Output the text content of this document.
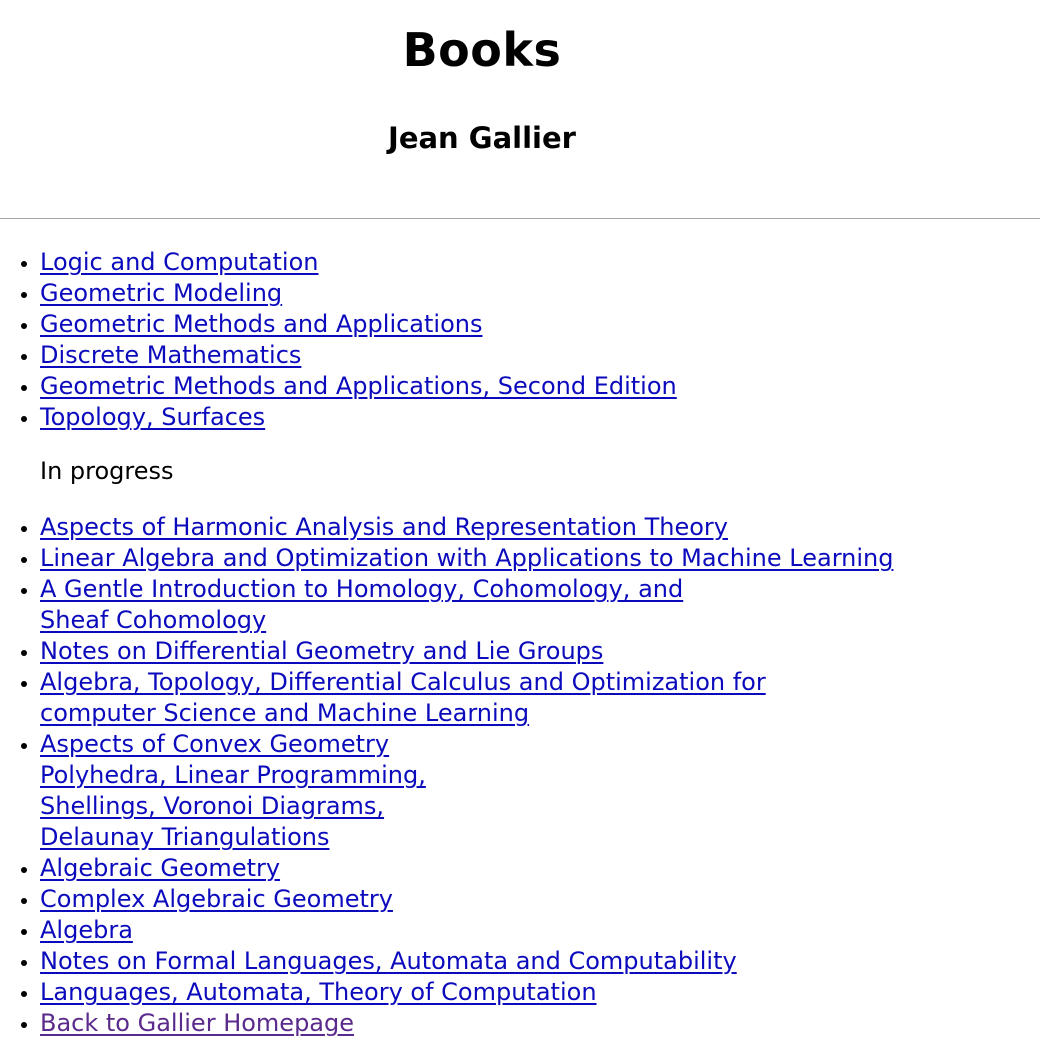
Books
Jean Gallier
• Logic and Computation
• Geometric Modeling
• Geometric Methods and Applications
• Discrete Mathematics
• Geometric Methods and Applications, Second Edition
• Topology, Surfaces

In progress

• Aspects of Harmonic Analysis and Representation Theory
• Linear Algebra and Optimization with Applications to Machine Learning
• A Gentle Introduction to Homology, Cohomology, and
Sheaf Cohomology
• Notes on Differential Geometry and Lie Groups
• Algebra, Topology, Differential Calculus and Optimization for
computer Science and Machine Learning
• Aspects of Convex Geometry
Polyhedra, Linear Programming,
Shellings, Voronoi Diagrams,
Delaunay Triangulations
• Algebraic Geometry
• Complex Algebraic Geometry
• Algebra
• Notes on Formal Languages, Automata and Computability
• Languages, Automata, Theory of Computation
• Back to Gallier Homepage
